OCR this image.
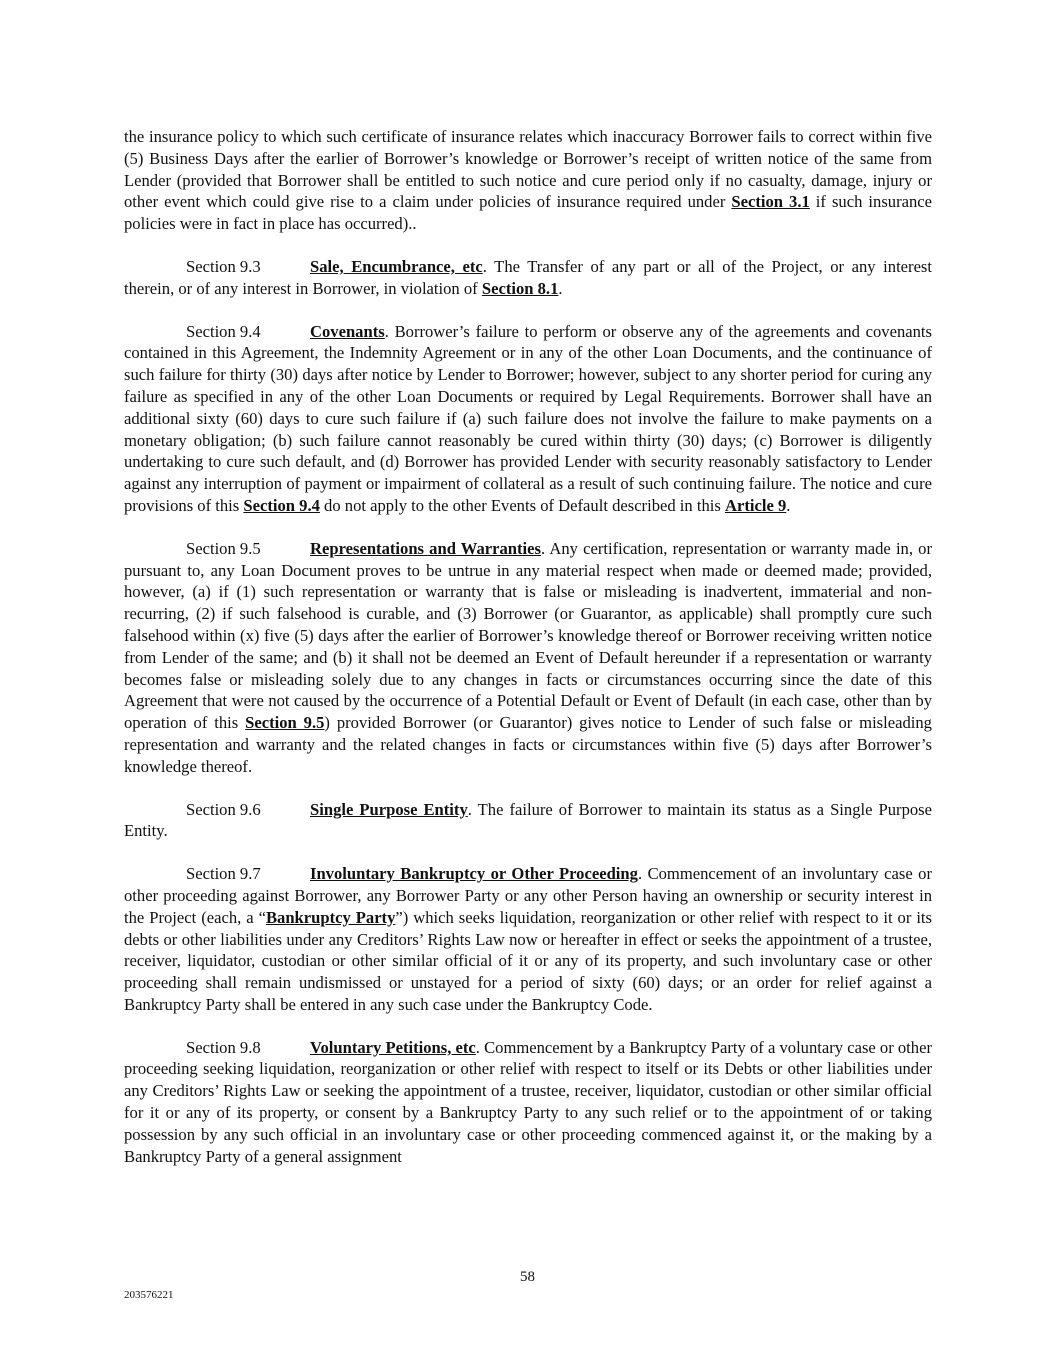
the insurance policy to which such certificate of insurance relates which inaccuracy Borrower fails to correct within five (5) Business Days after the earlier of Borrower’s knowledge or Borrower’s receipt of written notice of the same from Lender (provided that Borrower shall be entitled to such notice and cure period only if no casualty, damage, injury or other event which could give rise to a claim under policies of insurance required under Section 3.1 if such insurance policies were in fact in place has occurred)..

Section 9.3	Sale, Encumbrance, etc. The Transfer of any part or all of the Project, or any interest therein, or of any interest in Borrower, in violation of Section 8.1.

Section 9.4	Covenants. Borrower’s failure to perform or observe any of the agreements and covenants contained in this Agreement, the Indemnity Agreement or in any of the other Loan Documents, and the continuance of such failure for thirty (30) days after notice by Lender to Borrower; however, subject to any shorter period for curing any failure as specified in any of the other Loan Documents or required by Legal Requirements. Borrower shall have an additional sixty (60) days to cure such failure if (a) such failure does not involve the failure to make payments on a monetary obligation; (b) such failure cannot reasonably be cured within thirty (30) days; (c) Borrower is diligently undertaking to cure such default, and (d) Borrower has provided Lender with security reasonably satisfactory to Lender against any interruption of payment or impairment of collateral as a result of such continuing failure. The notice and cure provisions of this Section 9.4 do not apply to the other Events of Default described in this Article 9.

Section 9.5	Representations and Warranties. Any certification, representation or warranty made in, or pursuant to, any Loan Document proves to be untrue in any material respect when made or deemed made; provided, however, (a) if (1) such representation or warranty that is false or misleading is inadvertent, immaterial and non-recurring, (2) if such falsehood is curable, and (3) Borrower (or Guarantor, as applicable) shall promptly cure such falsehood within (x) five (5) days after the earlier of Borrower’s knowledge thereof or Borrower receiving written notice from Lender of the same; and (b) it shall not be deemed an Event of Default hereunder if a representation or warranty becomes false or misleading solely due to any changes in facts or circumstances occurring since the date of this Agreement that were not caused by the occurrence of a Potential Default or Event of Default (in each case, other than by operation of this Section 9.5) provided Borrower (or Guarantor) gives notice to Lender of such false or misleading representation and warranty and the related changes in facts or circumstances within five (5) days after Borrower’s knowledge thereof.

Section 9.6	Single Purpose Entity. The failure of Borrower to maintain its status as a Single Purpose Entity.

Section 9.7	Involuntary Bankruptcy or Other Proceeding. Commencement of an involuntary case or other proceeding against Borrower, any Borrower Party or any other Person having an ownership or security interest in the Project (each, a “Bankruptcy Party”) which seeks liquidation, reorganization or other relief with respect to it or its debts or other liabilities under any Creditors’ Rights Law now or hereafter in effect or seeks the appointment of a trustee, receiver, liquidator, custodian or other similar official of it or any of its property, and such involuntary case or other proceeding shall remain undismissed or unstayed for a period of sixty (60) days; or an order for relief against a Bankruptcy Party shall be entered in any such case under the Bankruptcy Code.

Section 9.8	Voluntary Petitions, etc. Commencement by a Bankruptcy Party of a voluntary case or other proceeding seeking liquidation, reorganization or other relief with respect to itself or its Debts or other liabilities under any Creditors’ Rights Law or seeking the appointment of a trustee, receiver, liquidator, custodian or other similar official for it or any of its property, or consent by a Bankruptcy Party to any such relief or to the appointment of or taking possession by any such official in an involuntary case or other proceeding commenced against it, or the making by a Bankruptcy Party of a general assignment

58
203576221
